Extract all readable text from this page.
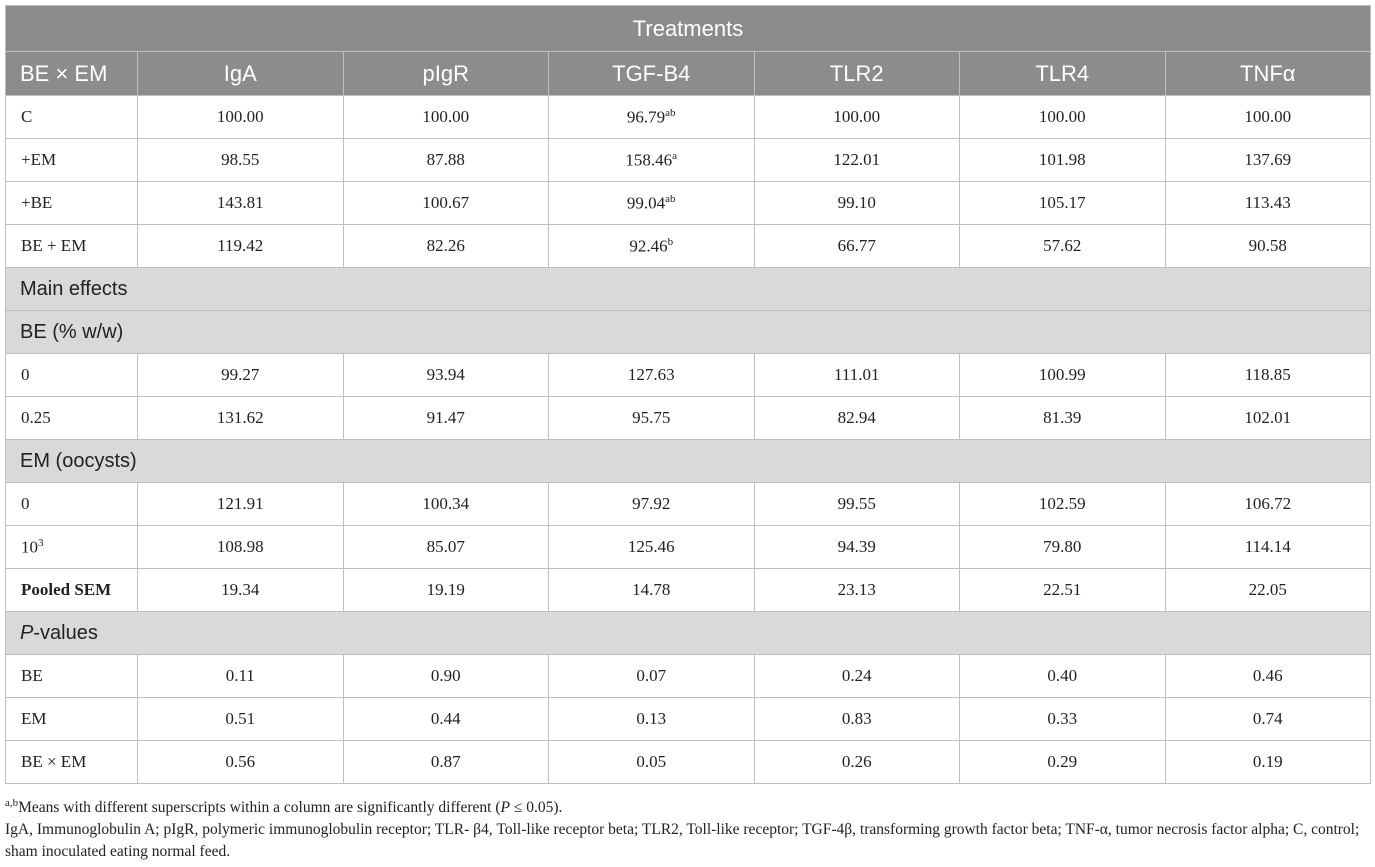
Treatments						
BE × EM	IgA	pIgR	TGF-B4	TLR2	TLR4	TNFα
C	100.00	100.00	96.79$^{ab}$	100.00	100.00	100.00
+EM	98.55	87.88	158.46$^a$	122.01	101.98	137.69
+BE	143.81	100.67	99.04$^{ab}$	99.10	105.17	113.43
BE + EM	119.42	82.26	92.46$^b$	66.77	57.62	90.58
Main effects						
BE (% w/w)						
0	99.27	93.94	127.63	111.01	100.99	118.85
0.25	131.62	91.47	95.75	82.94	81.39	102.01
EM (oocysts)						
0	121.91	100.34	97.92	99.55	102.59	106.72
$10^3$	108.98	85.07	125.46	94.39	79.80	114.14
Pooled SEM	19.34	19.19	14.78	23.13	22.51	22.05
P-values						
BE	0.11	0.90	0.07	0.24	0.40	0.46
EM	0.51	0.44	0.13	0.83	0.33	0.74
BE × EM	0.56	0.87	0.05	0.26	0.29	0.19

$^{a,b}$Means with different superscripts within a column are significantly different (P ≤ 0.05).

IgA, Immunoglobulin A; pIgR, polymeric immunoglobulin receptor; TLR- β4, Toll-like receptor beta; TLR2, Toll-like receptor; TGF-4β, transforming growth factor beta; TNF-α, tumor necrosis factor alpha; C, control; sham inoculated eating normal feed.
